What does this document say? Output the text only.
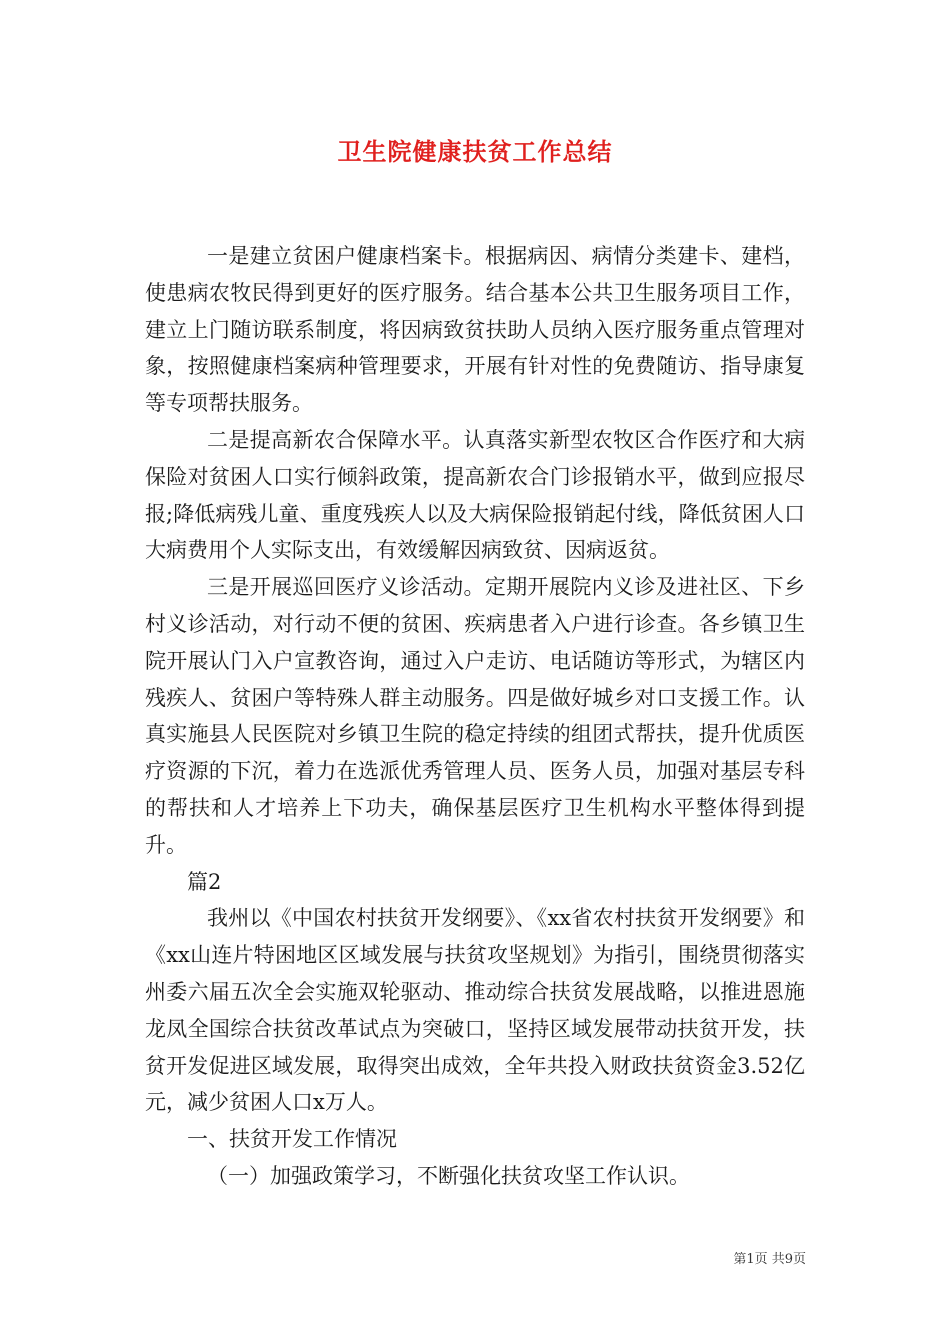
卫生院健康扶贫工作总结

一是建立贫困户健康档案卡。根据病因、病情分类建卡、建档，使患病农牧民得到更好的医疗服务。结合基本公共卫生服务项目工作，建立上门随访联系制度，将因病致贫扶助人员纳入医疗服务重点管理对象，按照健康档案病种管理要求，开展有针对性的免费随访、指导康复等专项帮扶服务。

二是提高新农合保障水平。认真落实新型农牧区合作医疗和大病保险对贫困人口实行倾斜政策，提高新农合门诊报销水平，做到应报尽报;降低病残儿童、重度残疾人以及大病保险报销起付线，降低贫困人口大病费用个人实际支出，有效缓解因病致贫、因病返贫。

三是开展巡回医疗义诊活动。定期开展院内义诊及进社区、下乡村义诊活动，对行动不便的贫困、疾病患者入户进行诊查。各乡镇卫生院开展认门入户宣教咨询，通过入户走访、电话随访等形式，为辖区内残疾人、贫困户等特殊人群主动服务。四是做好城乡对口支援工作。认真实施县人民医院对乡镇卫生院的稳定持续的组团式帮扶，提升优质医疗资源的下沉，着力在选派优秀管理人员、医务人员，加强对基层专科的帮扶和人才培养上下功夫，确保基层医疗卫生机构水平整体得到提升。

篇2

我州以《中国农村扶贫开发纲要》、《xx省农村扶贫开发纲要》和《xx山连片特困地区区域发展与扶贫攻坚规划》为指引，围绕贯彻落实州委六届五次全会实施双轮驱动、推动综合扶贫发展战略，以推进恩施龙凤全国综合扶贫改革试点为突破口，坚持区域发展带动扶贫开发，扶贫开发促进区域发展，取得突出成效，全年共投入财政扶贫资金3.52亿元，减少贫困人口x万人。

一、扶贫开发工作情况

（一）加强政策学习，不断强化扶贫攻坚工作认识。

第1页 共9页
